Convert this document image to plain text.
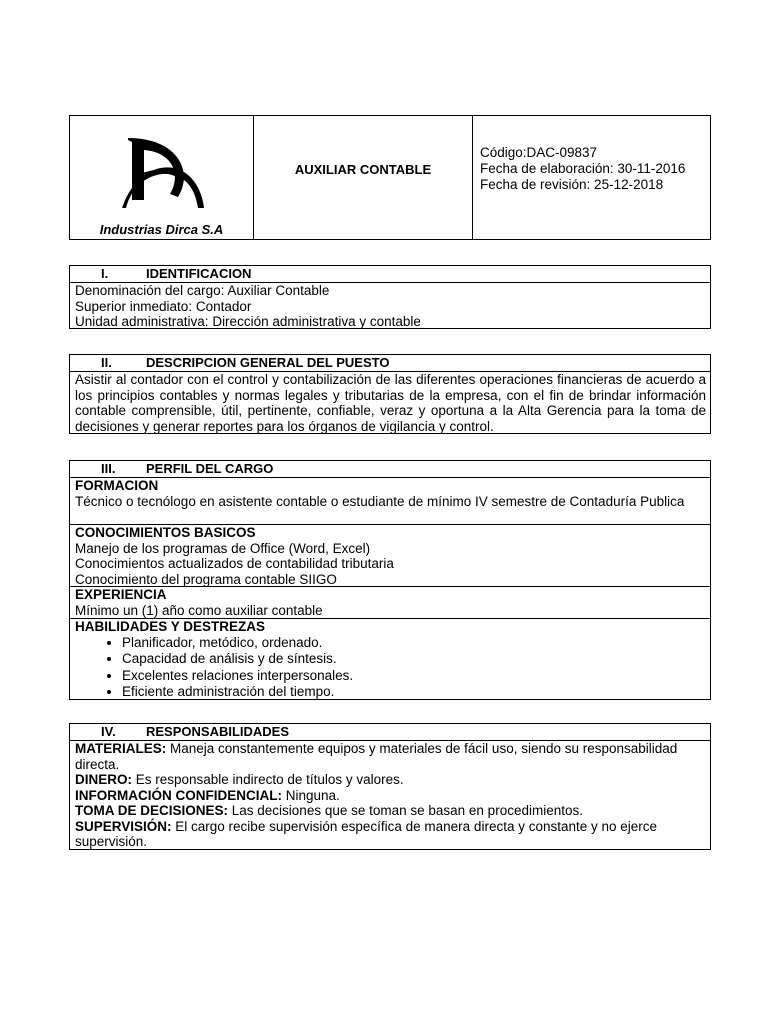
Industrias Dirca S.A
AUXILIAR CONTABLE
Código:DAC-09837
Fecha de elaboración: 30-11-2016
Fecha de revisión: 25-12-2018
I.	IDENTIFICACION
Denominación del cargo: Auxiliar Contable
Superior inmediato: Contador
Unidad administrativa: Dirección administrativa y contable
II.	DESCRIPCION GENERAL DEL PUESTO
Asistir al contador con el control y contabilización de las diferentes operaciones financieras de acuerdo a los principios contables y normas legales y tributarias de la empresa, con el fin de brindar información contable comprensible, útil, pertinente, confiable, veraz y oportuna a la Alta Gerencia para la toma de decisiones y generar reportes para los órganos de vigilancia y control.
III. PERFIL DEL CARGO
FORMACION
Técnico o tecnólogo en asistente contable o estudiante de mínimo IV semestre de Contaduría Publica
CONOCIMIENTOS BASICOS
Manejo de los programas de Office (Word, Excel)
Conocimientos actualizados de contabilidad tributaria
Conocimiento del programa contable SIIGO
EXPERIENCIA
Mínimo un (1) año como auxiliar contable
HABILIDADES Y DESTREZAS
• Planificador, metódico, ordenado.
• Capacidad de análisis y de síntesis.
• Excelentes relaciones interpersonales.
• Eficiente administración del tiempo.
IV. RESPONSABILIDADES
MATERIALES: Maneja constantemente equipos y materiales de fácil uso, siendo su responsabilidad directa.
DINERO: Es responsable indirecto de títulos y valores.
INFORMACIÓN CONFIDENCIAL: Ninguna.
TOMA DE DECISIONES: Las decisiones que se toman se basan en procedimientos.
SUPERVISIÓN: El cargo recibe supervisión específica de manera directa y constante y no ejerce supervisión.
